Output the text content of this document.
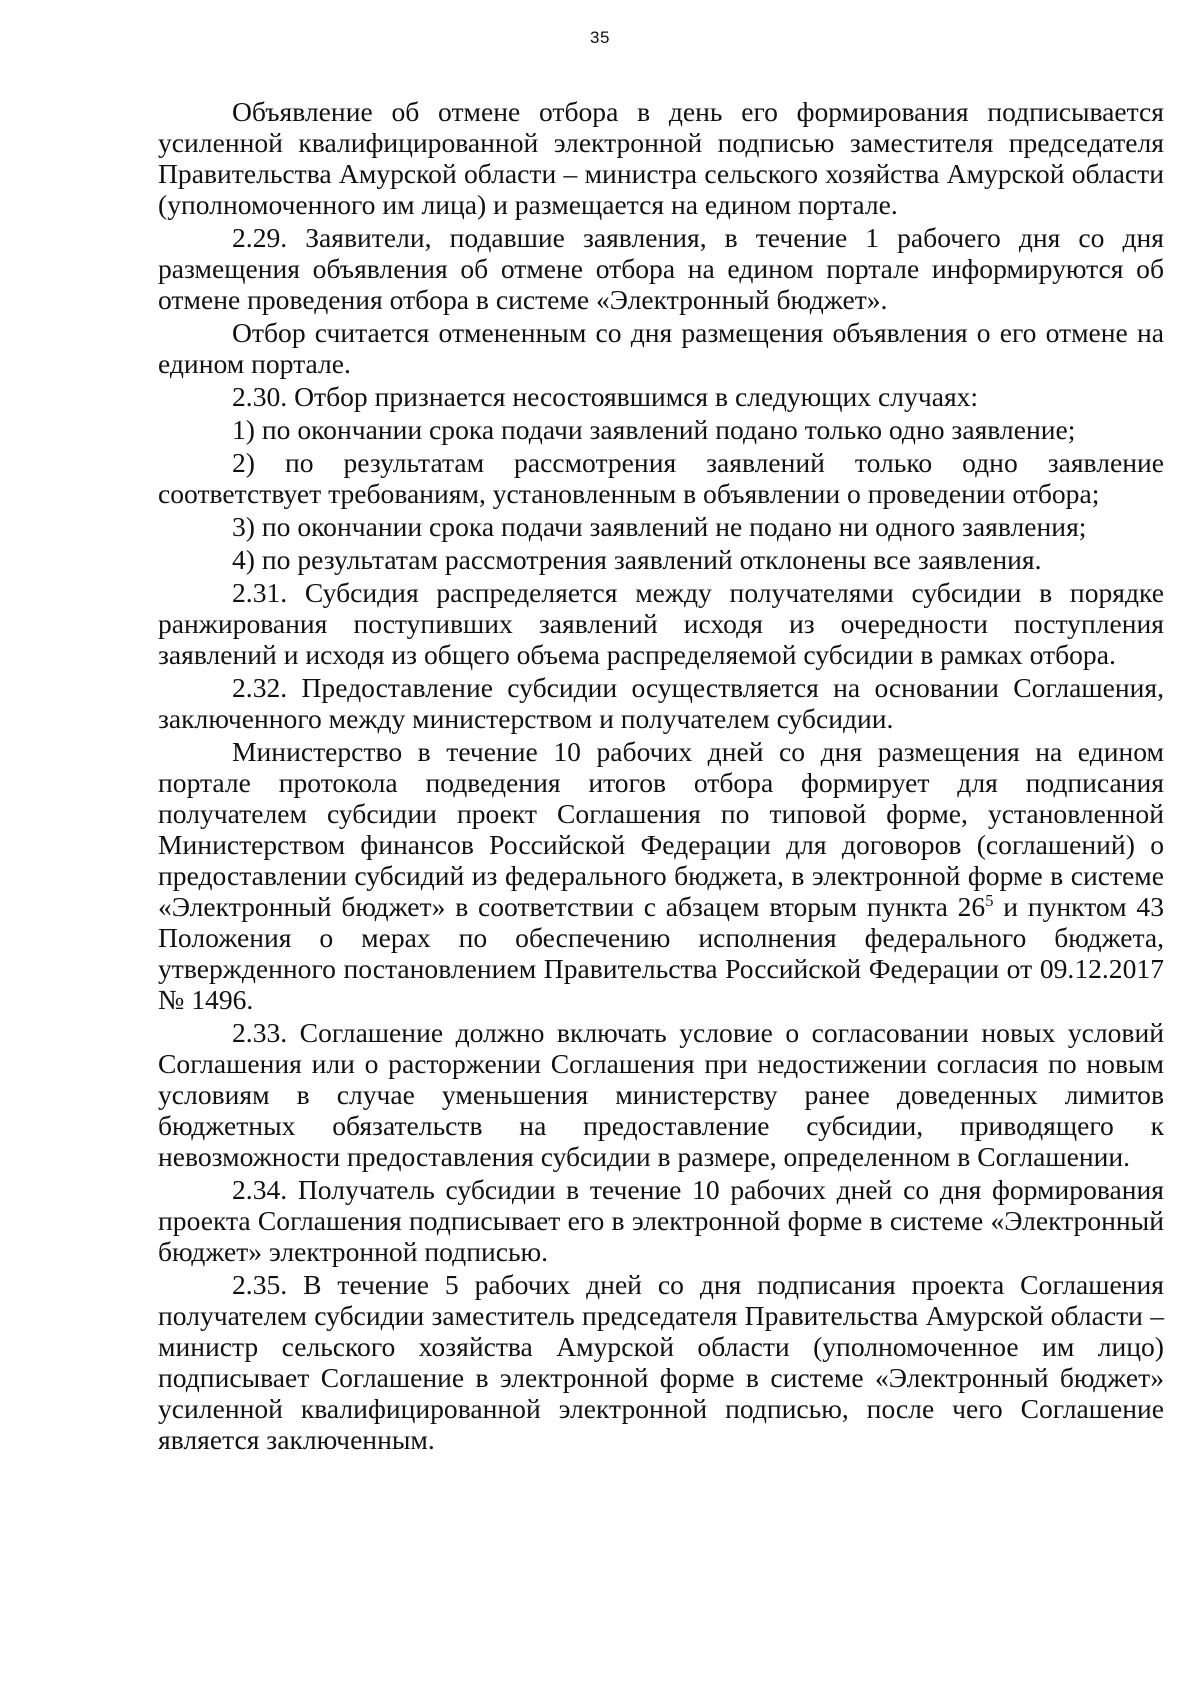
35

Объявление об отмене отбора в день его формирования подписывается усиленной квалифицированной электронной подписью заместителя председателя Правительства Амурской области – министра сельского хозяйства Амурской области (уполномоченного им лица) и размещается на едином портале.

2.29. Заявители, подавшие заявления, в течение 1 рабочего дня со дня размещения объявления об отмене отбора на едином портале информируются об отмене проведения отбора в системе «Электронный бюджет».

Отбор считается отмененным со дня размещения объявления о его отмене на едином портале.

2.30. Отбор признается несостоявшимся в следующих случаях:

1) по окончании срока подачи заявлений подано только одно заявление;

2) по результатам рассмотрения заявлений только одно заявление соответствует требованиям, установленным в объявлении о проведении отбора;

3) по окончании срока подачи заявлений не подано ни одного заявления;

4) по результатам рассмотрения заявлений отклонены все заявления.

2.31. Субсидия распределяется между получателями субсидии в порядке ранжирования поступивших заявлений исходя из очередности поступления заявлений и исходя из общего объема распределяемой субсидии в рамках отбора.

2.32. Предоставление субсидии осуществляется на основании Соглашения, заключенного между министерством и получателем субсидии.

Министерство в течение 10 рабочих дней со дня размещения на едином портале протокола подведения итогов отбора формирует для подписания получателем субсидии проект Соглашения по типовой форме, установленной Министерством финансов Российской Федерации для договоров (соглашений) о предоставлении субсидий из федерального бюджета, в электронной форме в системе «Электронный бюджет» в соответствии с абзацем вторым пункта $26^5$ и пунктом 43 Положения о мерах по обеспечению исполнения федерального бюджета, утвержденного постановлением Правительства Российской Федерации от 09.12.2017 № 1496.

2.33. Соглашение должно включать условие о согласовании новых условий Соглашения или о расторжении Соглашения при недостижении согласия по новым условиям в случае уменьшения министерству ранее доведенных лимитов бюджетных обязательств на предоставление субсидии, приводящего к невозможности предоставления субсидии в размере, определенном в Соглашении.

2.34. Получатель субсидии в течение 10 рабочих дней со дня формирования проекта Соглашения подписывает его в электронной форме в системе «Электронный бюджет» электронной подписью.

2.35. В течение 5 рабочих дней со дня подписания проекта Соглашения получателем субсидии заместитель председателя Правительства Амурской области – министр сельского хозяйства Амурской области (уполномоченное им лицо) подписывает Соглашение в электронной форме в системе «Электронный бюджет» усиленной квалифицированной электронной подписью, после чего Соглашение является заключенным.
